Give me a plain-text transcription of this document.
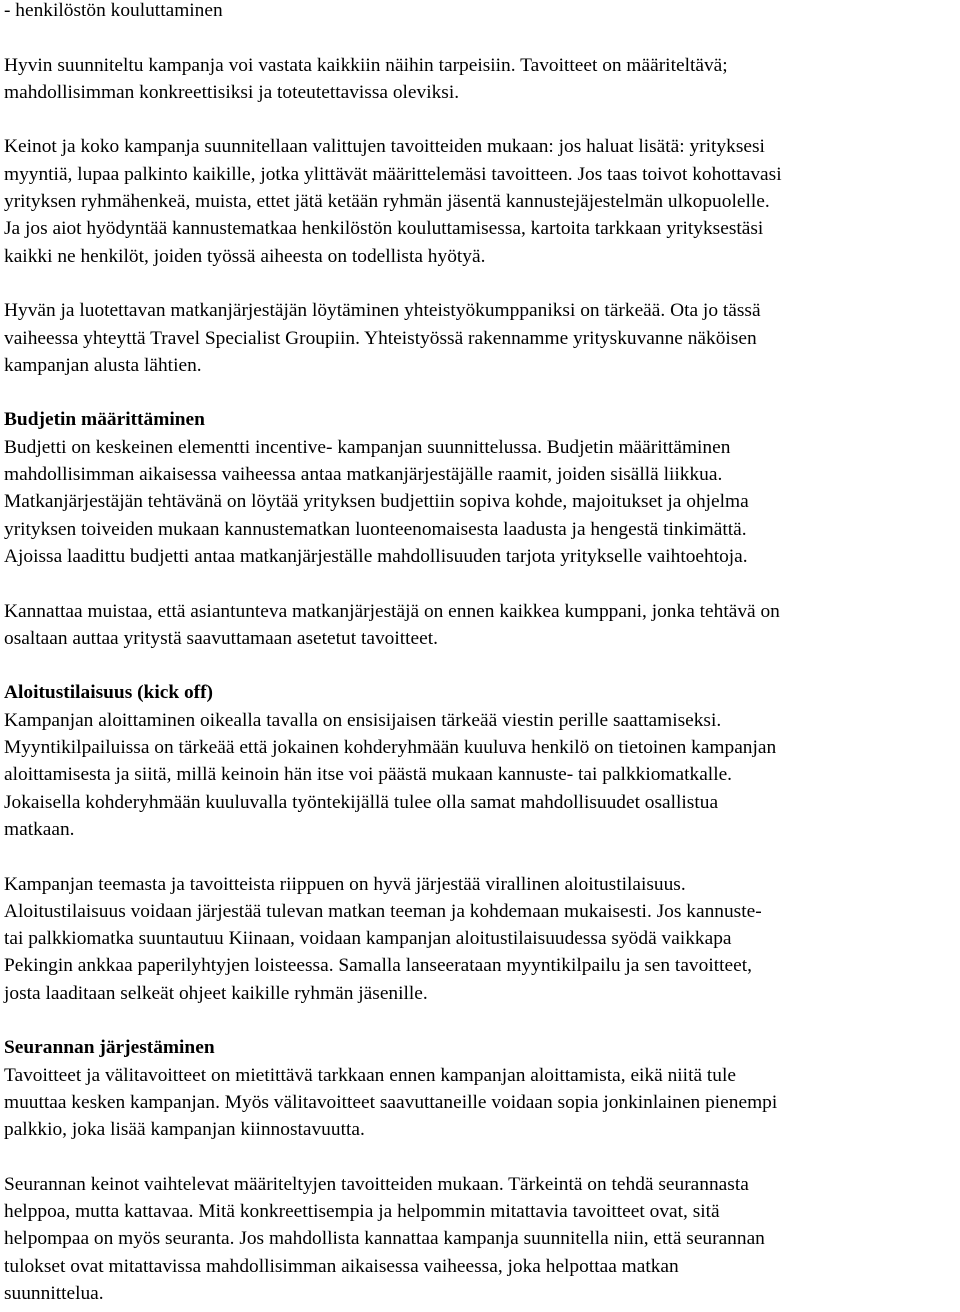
- henkilöstön kouluttaminen
Hyvin suunniteltu kampanja voi vastata kaikkiin näihin tarpeisiin. Tavoitteet on määriteltävä;
mahdollisimman konkreettisiksi ja toteutettavissa oleviksi.
Keinot ja koko kampanja suunnitellaan valittujen tavoitteiden mukaan: jos haluat lisätä: yrityksesi
myyntiä, lupaa palkinto kaikille, jotka ylittävät määrittelemäsi tavoitteen. Jos taas toivot kohottavasi
yrityksen ryhmähenkeä, muista, ettet jätä ketään ryhmän jäsentä kannustejäjestelmän ulkopuolelle.
Ja jos aiot hyödyntää kannustematkaa henkilöstön kouluttamisessa, kartoita tarkkaan yrityksestäsi
kaikki ne henkilöt, joiden työssä aiheesta on todellista hyötyä.
Hyvän ja luotettavan matkanjärjestäjän löytäminen yhteistyökumppaniksi on tärkeää. Ota jo tässä
vaiheessa yhteyttä Travel Specialist Groupiin. Yhteistyössä rakennamme yrityskuvanne näköisen
kampanjan alusta lähtien.
Budjetin määrittäminen
Budjetti on keskeinen elementti incentive- kampanjan suunnittelussa. Budjetin määrittäminen
mahdollisimman aikaisessa vaiheessa antaa matkanjärjestäjälle raamit, joiden sisällä liikkua.
Matkanjärjestäjän tehtävänä on löytää yrityksen budjettiin sopiva kohde, majoitukset ja ohjelma
yrityksen toiveiden mukaan kannustematkan luonteenomaisesta laadusta ja hengestä tinkimättä.
Ajoissa laadittu budjetti antaa matkanjärjeställe mahdollisuuden tarjota yritykselle vaihtoehtoja.
Kannattaa muistaa, että asiantunteva matkanjärjestäjä on ennen kaikkea kumppani, jonka tehtävä on
osaltaan auttaa yritystä saavuttamaan asetetut tavoitteet.
Aloitustilaisuus (kick off)
Kampanjan aloittaminen oikealla tavalla on ensisijaisen tärkeää viestin perille saattamiseksi.
Myyntikilpailuissa on tärkeää että jokainen kohderyhmään kuuluva henkilö on tietoinen kampanjan
aloittamisesta ja siitä, millä keinoin hän itse voi päästä mukaan kannuste- tai palkkiomatkalle.
Jokaisella kohderyhmään kuuluvalla työntekijällä tulee olla samat mahdollisuudet osallistua
matkaan.
Kampanjan teemasta ja tavoitteista riippuen on hyvä järjestää virallinen aloitustilaisuus.
Aloitustilaisuus voidaan järjestää tulevan matkan teeman ja kohdemaan mukaisesti. Jos kannuste-
tai palkkiomatka suuntautuu Kiinaan, voidaan kampanjan aloitustilaisuudessa syödä vaikkapa
Pekingin ankkaa paperilyhtyjen loisteessa. Samalla lanseerataan myyntikilpailu ja sen tavoitteet,
josta laaditaan selkeät ohjeet kaikille ryhmän jäsenille.
Seurannan järjestäminen
Tavoitteet ja välitavoitteet on mietittävä tarkkaan ennen kampanjan aloittamista, eikä niitä tule
muuttaa kesken kampanjan. Myös välitavoitteet saavuttaneille voidaan sopia jonkinlainen pienempi
palkkio, joka lisää kampanjan kiinnostavuutta.
Seurannan keinot vaihtelevat määriteltyjen tavoitteiden mukaan. Tärkeintä on tehdä seurannasta
helppoa, mutta kattavaa. Mitä konkreettisempia ja helpommin mitattavia tavoitteet ovat, sitä
helpompaa on myös seuranta. Jos mahdollista kannattaa kampanja suunnitella niin, että seurannan
tulokset ovat mitattavissa mahdollisimman aikaisessa vaiheessa, joka helpottaa matkan
suunnittelua.
